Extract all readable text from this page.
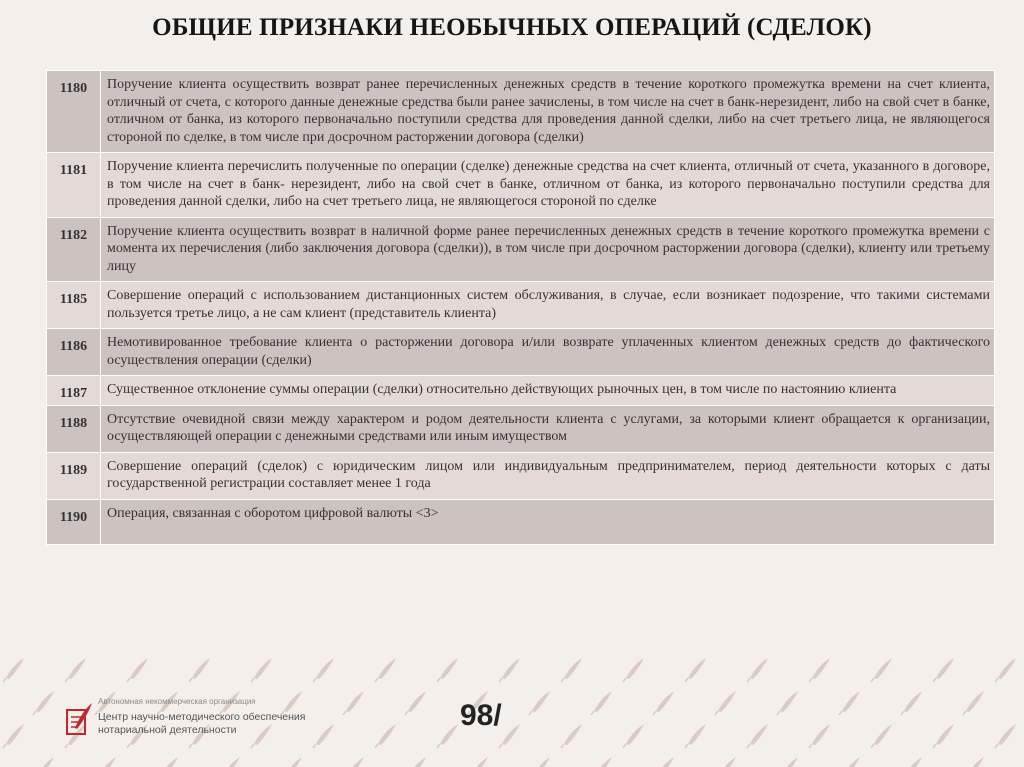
ОБЩИЕ ПРИЗНАКИ НЕОБЫЧНЫХ ОПЕРАЦИЙ (СДЕЛОК)
1180	Поручение клиента осуществить возврат ранее перечисленных денежных средств в течение короткого промежутка времени на счет клиента, отличный от счета, с которого данные денежные средства были ранее зачислены, в том числе на счет в банк-нерезидент, либо на свой счет в банке, отличном от банка, из которого первоначально поступили средства для проведения данной сделки, либо на счет третьего лица, не являющегося стороной по сделке, в том числе при досрочном расторжении договора (сделки)
1181	Поручение клиента перечислить полученные по операции (сделке) денежные средства на счет клиента, отличный от счета, указанного в договоре, в том числе на счет в банк- нерезидент, либо на свой счет в банке, отличном от банка, из которого первоначально поступили средства для проведения данной сделки, либо на счет третьего лица, не являющегося стороной по сделке
1182	Поручение клиента осуществить возврат в наличной форме ранее перечисленных денежных средств в течение короткого промежутка времени с момента их перечисления (либо заключения договора (сделки)), в том числе при досрочном расторжении договора (сделки), клиенту или третьему лицу
1185	Совершение операций с использованием дистанционных систем обслуживания, в случае, если возникает подозрение, что такими системами пользуется третье лицо, а не сам клиент (представитель клиента)
1186	Немотивированное требование клиента о расторжении договора и/или возврате уплаченных клиентом денежных средств до фактического осуществления операции (сделки)
1187	Существенное отклонение суммы операции (сделки) относительно действующих рыночных цен, в том числе по настоянию клиента
1188	Отсутствие очевидной связи между характером и родом деятельности клиента с услугами, за которыми клиент обращается к организации, осуществляющей операции с денежными средствами или иным имуществом
1189	Совершение операций (сделок) с юридическим лицом или индивидуальным предпринимателем, период деятельности которых с даты государственной регистрации составляет менее 1 года
1190	Операция, связанная с оборотом цифровой валюты <3>
Автономная некоммерческая организация
Центр научно-методического обеспечения
нотариальной деятельности	98/
